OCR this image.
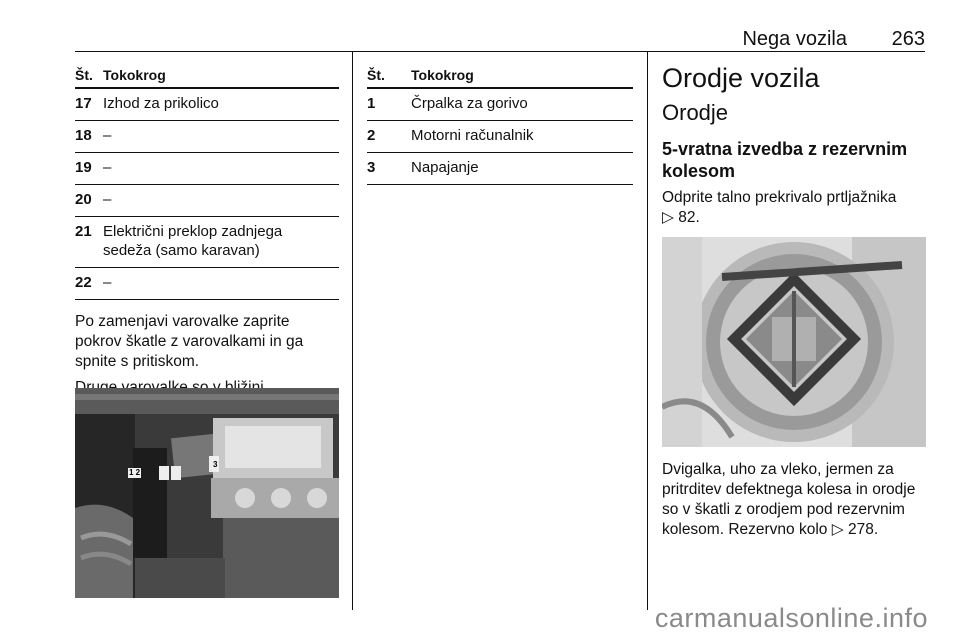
Nega vozila 263
Št. Tokokrog
17 Izhod za prikolico
18 –
19 –
20 –
21 Električni preklop zadnjega sedeža (samo karavan)
22 –
Po zamenjavi varovalke zaprite pokrov škatle z varovalkami in ga spnite s pritiskom.
1 2
3
Št. Tokokrog
1 Črpalka za gorivo
2 Motorni računalnik
3 Napajanje
Orodje vozila
Orodje
5-vratna izvedba z rezervnim kolesom
Odprite talno prekrivalo prtljažnika ▷ 82.
Dvigalka, uho za vleko, jermen za pritrditev defektnega kolesa in orodje so v škatli z orodjem pod rezervnim kolesom. Rezervno kolo ▷ 278.
carmanualsonline.info
